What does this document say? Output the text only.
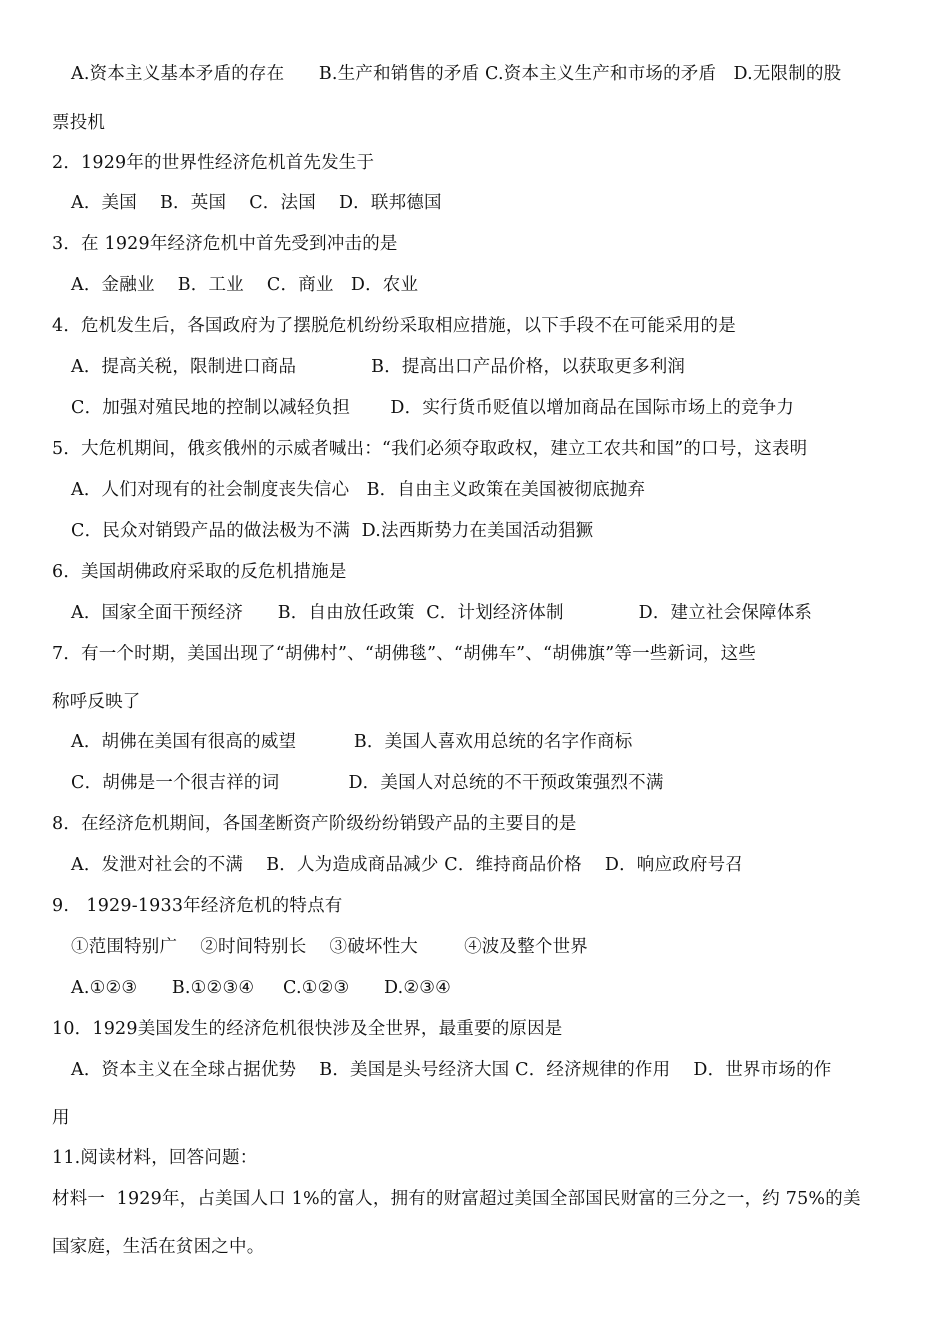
A.资本主义基本矛盾的存在      B.生产和销售的矛盾 C.资本主义生产和市场的矛盾   D.无限制的股
票投机
2．1929年的世界性经济危机首先发生于
A．美国    B．英国    C．法国    D．联邦德国
3．在 1929年经济危机中首先受到冲击的是
A．金融业    B．工业    C．商业   D．农业
4．危机发生后，各国政府为了摆脱危机纷纷采取相应措施，以下手段不在可能采用的是
A．提高关税，限制进口商品             B．提高出口产品价格，以获取更多利润
C．加强对殖民地的控制以减轻负担       D．实行货币贬值以增加商品在国际市场上的竞争力
5．大危机期间，俄亥俄州的示威者喊出：“我们必须夺取政权，建立工农共和国”的口号，这表明
A．人们对现有的社会制度丧失信心   B．自由主义政策在美国被彻底抛弃
C．民众对销毁产品的做法极为不满  D.法西斯势力在美国活动猖獗
6．美国胡佛政府采取的反危机措施是
A．国家全面干预经济      B．自由放任政策  C．计划经济体制             D．建立社会保障体系
7．有一个时期，美国出现了“胡佛村”、“胡佛毯”、“胡佛车”、“胡佛旗”等一些新词，这些
称呼反映了
A．胡佛在美国有很高的威望          B．美国人喜欢用总统的名字作商标
C．胡佛是一个很吉祥的词            D．美国人对总统的不干预政策强烈不满
8．在经济危机期间，各国垄断资产阶级纷纷销毁产品的主要目的是
A．发泄对社会的不满    B．人为造成商品减少 C．维持商品价格    D．响应政府号召
9.   1929-1933年经济危机的特点有
①范围特别广    ②时间特别长    ③破坏性大        ④波及整个世界
A.①②③      B.①②③④     C.①②③      D.②③④
10．1929美国发生的经济危机很快涉及全世界，最重要的原因是
A．资本主义在全球占据优势    B．美国是头号经济大国 C．经济规律的作用    D．世界市场的作
用
11.阅读材料，回答问题：
材料一  1929年，占美国人口 1%的富人，拥有的财富超过美国全部国民财富的三分之一，约 75%的美
国家庭，生活在贫困之中。
